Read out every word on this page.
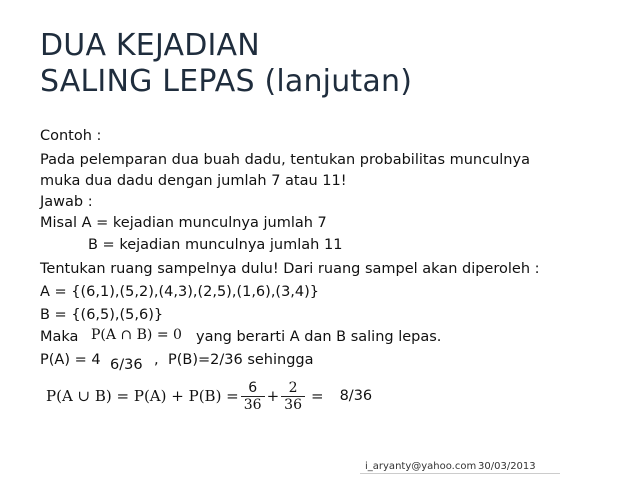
DUA KEJADIAN
SALING LEPAS (lanjutan)
Contoh :
Pada pelemparan dua buah dadu, tentukan probabilitas munculnya
muka dua dadu dengan jumlah 7 atau 11!
Jawab :
Misal A = kejadian munculnya jumlah 7
B = kejadian munculnya jumlah 11
Tentukan ruang sampelnya dulu! Dari ruang sampel akan diperoleh :
A = {(6,1),(5,2),(4,3),(2,5),(1,6),(3,4)}
B = {(6,5),(5,6)}
Maka P(A ∩ B) = 0 yang berarti A dan B saling lepas.
P(A) = 4 6/36 , P(B)=2/36 sehingga
P(A ∪ $B) = P(A) + P(B) = \frac{6}{36} + \frac{2}{36} = 8/36$
i_aryanty@yahoo.com 30/03/2013
